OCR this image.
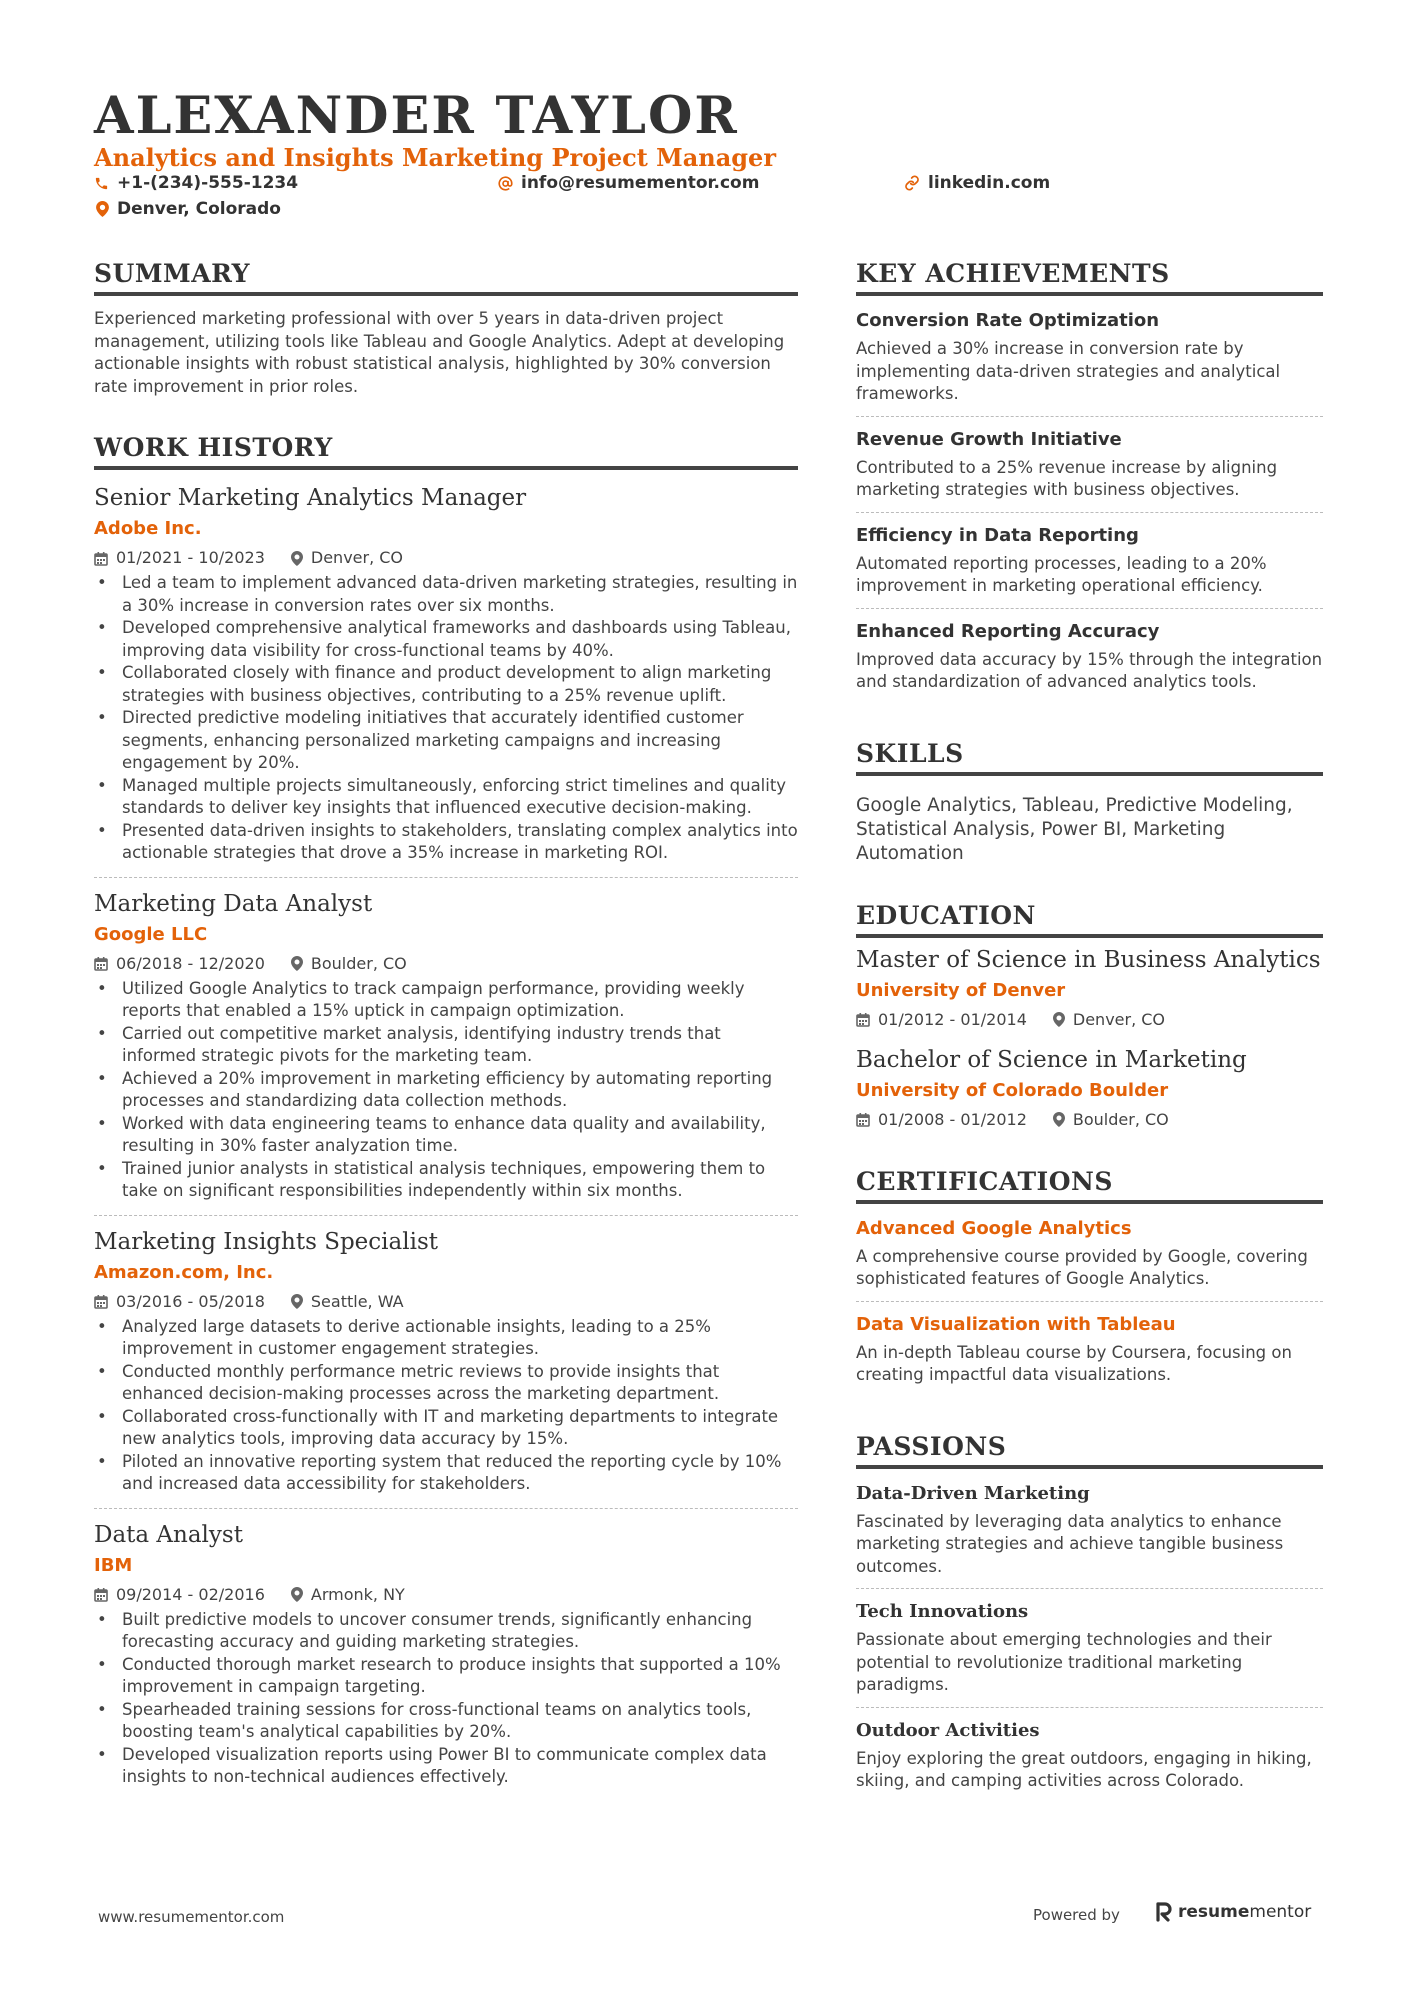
ALEXANDER TAYLOR
Analytics and Insights Marketing Project Manager
+1-(234)-555-1234	info@resumementor.com	linkedin.com
Denver, Colorado
SUMMARY
Experienced marketing professional with over 5 years in data-driven project management, utilizing tools like Tableau and Google Analytics. Adept at developing actionable insights with robust statistical analysis, highlighted by 30% conversion rate improvement in prior roles.
WORK HISTORY
Senior Marketing Analytics Manager
Adobe Inc.
01/2021 - 10/2023	Denver, CO
• Led a team to implement advanced data-driven marketing strategies, resulting in a 30% increase in conversion rates over six months.
• Developed comprehensive analytical frameworks and dashboards using Tableau, improving data visibility for cross-functional teams by 40%.
• Collaborated closely with finance and product development to align marketing strategies with business objectives, contributing to a 25% revenue uplift.
• Directed predictive modeling initiatives that accurately identified customer segments, enhancing personalized marketing campaigns and increasing engagement by 20%.
• Managed multiple projects simultaneously, enforcing strict timelines and quality standards to deliver key insights that influenced executive decision-making.
• Presented data-driven insights to stakeholders, translating complex analytics into actionable strategies that drove a 35% increase in marketing ROI.
Marketing Data Analyst
Google LLC
06/2018 - 12/2020	Boulder, CO
• Utilized Google Analytics to track campaign performance, providing weekly reports that enabled a 15% uptick in campaign optimization.
• Carried out competitive market analysis, identifying industry trends that informed strategic pivots for the marketing team.
• Achieved a 20% improvement in marketing efficiency by automating reporting processes and standardizing data collection methods.
• Worked with data engineering teams to enhance data quality and availability, resulting in 30% faster analyzation time.
• Trained junior analysts in statistical analysis techniques, empowering them to take on significant responsibilities independently within six months.
Marketing Insights Specialist
Amazon.com, Inc.
03/2016 - 05/2018	Seattle, WA
• Analyzed large datasets to derive actionable insights, leading to a 25% improvement in customer engagement strategies.
• Conducted monthly performance metric reviews to provide insights that enhanced decision-making processes across the marketing department.
• Collaborated cross-functionally with IT and marketing departments to integrate new analytics tools, improving data accuracy by 15%.
• Piloted an innovative reporting system that reduced the reporting cycle by 10% and increased data accessibility for stakeholders.
Data Analyst
IBM
09/2014 - 02/2016	Armonk, NY
• Built predictive models to uncover consumer trends, significantly enhancing forecasting accuracy and guiding marketing strategies.
• Conducted thorough market research to produce insights that supported a 10% improvement in campaign targeting.
• Spearheaded training sessions for cross-functional teams on analytics tools, boosting team's analytical capabilities by 20%.
• Developed visualization reports using Power BI to communicate complex data insights to non-technical audiences effectively.
KEY ACHIEVEMENTS
Conversion Rate Optimization
Achieved a 30% increase in conversion rate by implementing data-driven strategies and analytical frameworks.
Revenue Growth Initiative
Contributed to a 25% revenue increase by aligning marketing strategies with business objectives.
Efficiency in Data Reporting
Automated reporting processes, leading to a 20% improvement in marketing operational efficiency.
Enhanced Reporting Accuracy
Improved data accuracy by 15% through the integration and standardization of advanced analytics tools.
SKILLS
Google Analytics, Tableau, Predictive Modeling, Statistical Analysis, Power BI, Marketing Automation
EDUCATION
Master of Science in Business Analytics
University of Denver
01/2012 - 01/2014	Denver, CO
Bachelor of Science in Marketing
University of Colorado Boulder
01/2008 - 01/2012	Boulder, CO
CERTIFICATIONS
Advanced Google Analytics
A comprehensive course provided by Google, covering sophisticated features of Google Analytics.
Data Visualization with Tableau
An in-depth Tableau course by Coursera, focusing on creating impactful data visualizations.
PASSIONS
Data-Driven Marketing
Fascinated by leveraging data analytics to enhance marketing strategies and achieve tangible business outcomes.
Tech Innovations
Passionate about emerging technologies and their potential to revolutionize traditional marketing paradigms.
Outdoor Activities
Enjoy exploring the great outdoors, engaging in hiking, skiing, and camping activities across Colorado.
www.resumementor.com	Powered by	resume mentor
